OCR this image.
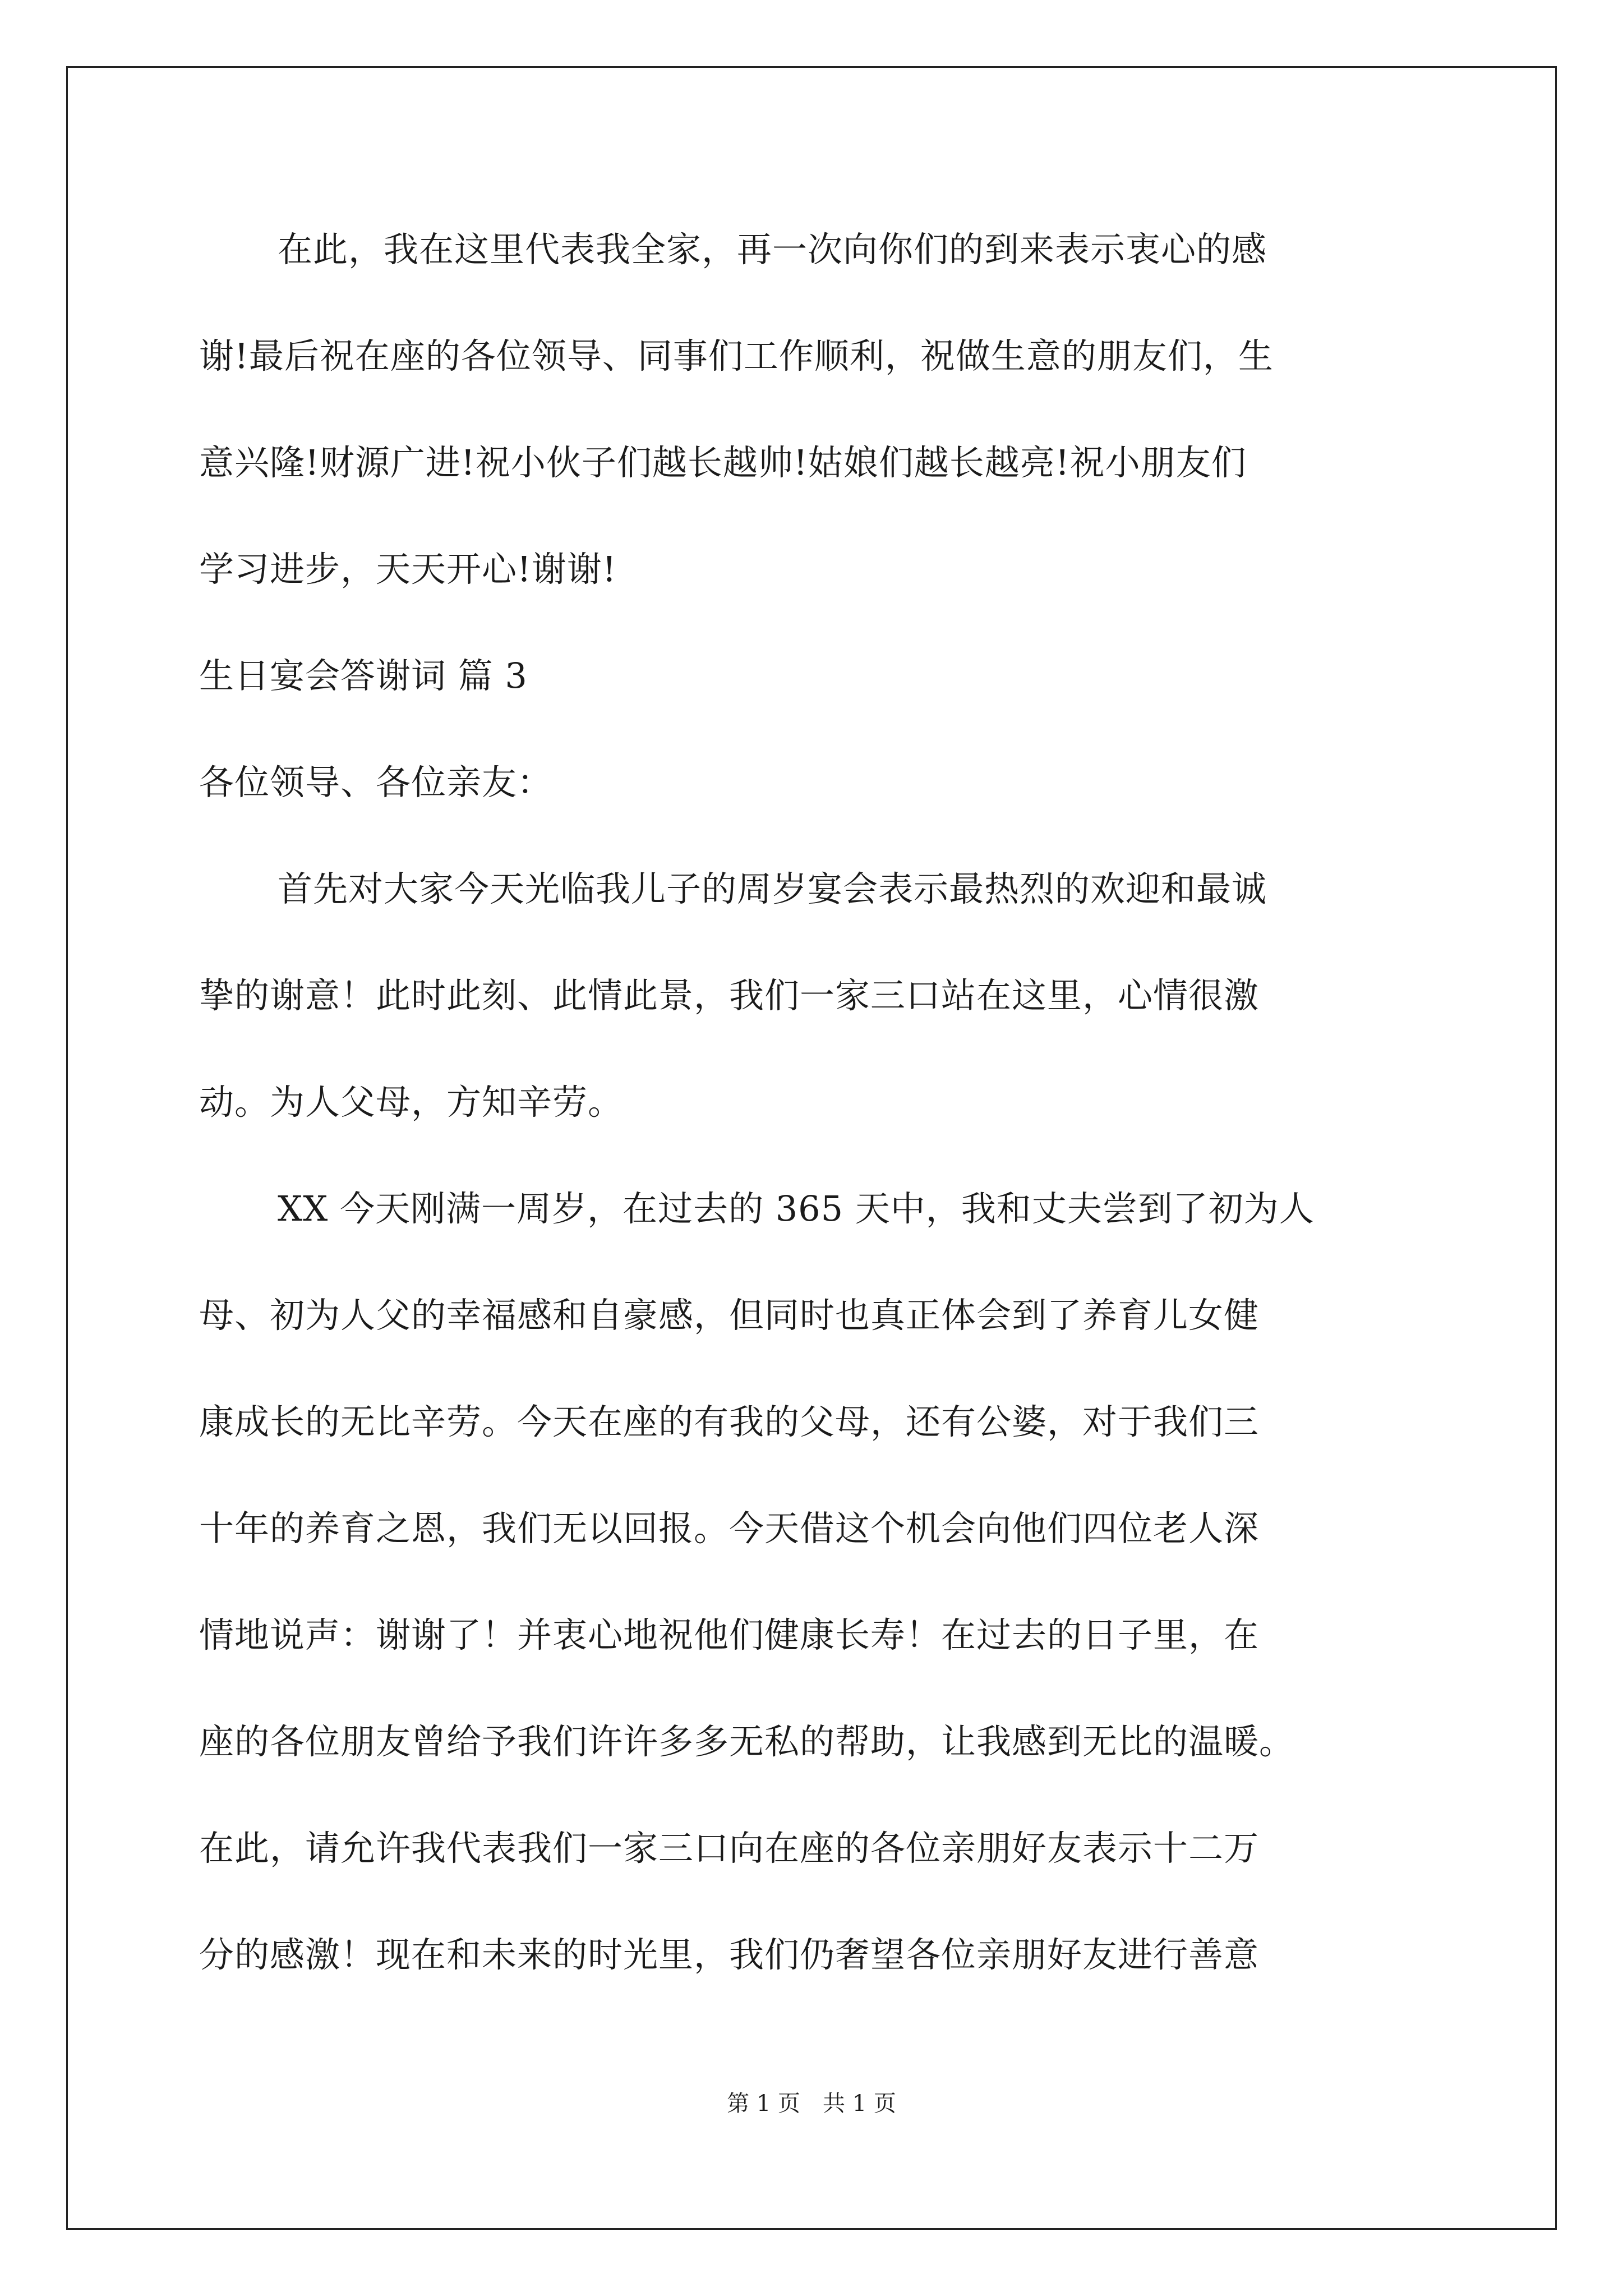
在此，我在这里代表我全家，再一次向你们的到来表示衷心的感
谢!最后祝在座的各位领导、同事们工作顺利，祝做生意的朋友们，生
意兴隆!财源广进!祝小伙子们越长越帅!姑娘们越长越亮!祝小朋友们
学习进步，天天开心!谢谢!
生日宴会答谢词 篇 3
各位领导、各位亲友：
首先对大家今天光临我儿子的周岁宴会表示最热烈的欢迎和最诚
挚的谢意！此时此刻、此情此景，我们一家三口站在这里，心情很激
动。为人父母，方知辛劳。
XX 今天刚满一周岁，在过去的 365 天中，我和丈夫尝到了初为人
母、初为人父的幸福感和自豪感，但同时也真正体会到了养育儿女健
康成长的无比辛劳。今天在座的有我的父母，还有公婆，对于我们三
十年的养育之恩，我们无以回报。今天借这个机会向他们四位老人深
情地说声：谢谢了！并衷心地祝他们健康长寿！在过去的日子里，在
座的各位朋友曾给予我们许许多多无私的帮助，让我感到无比的温暖。
在此，请允许我代表我们一家三口向在座的各位亲朋好友表示十二万
分的感激！现在和未来的时光里，我们仍奢望各位亲朋好友进行善意
第 1 页 共 1 页
